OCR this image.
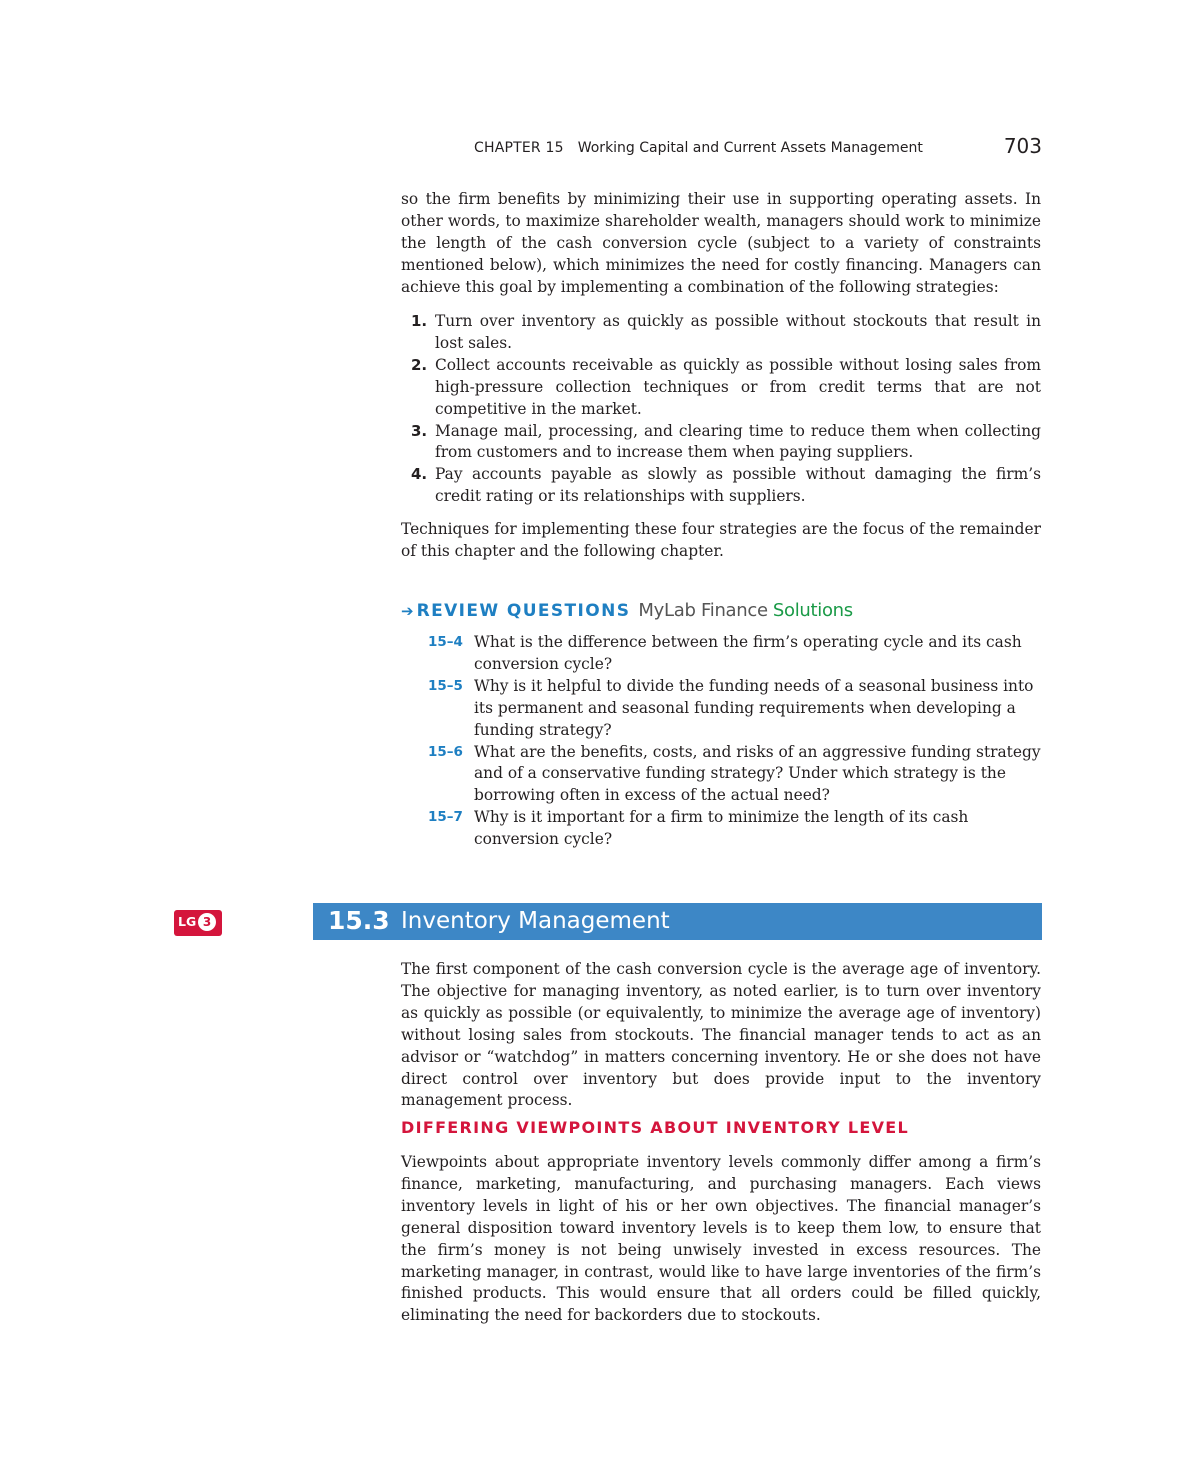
CHAPTER 15 Working Capital and Current Assets Management	703
so the firm benefits by minimizing their use in supporting operating assets. In other words, to maximize shareholder wealth, managers should work to minimize the length of the cash conversion cycle (subject to a variety of constraints mentioned below), which minimizes the need for costly financing. Managers can achieve this goal by implementing a combination of the following strategies:
1. Turn over inventory as quickly as possible without stockouts that result in lost sales.
2. Collect accounts receivable as quickly as possible without losing sales from high-pressure collection techniques or from credit terms that are not competitive in the market.
3. Manage mail, processing, and clearing time to reduce them when collecting from customers and to increase them when paying suppliers.
4. Pay accounts payable as slowly as possible without damaging the firm’s credit rating or its relationships with suppliers.
Techniques for implementing these four strategies are the focus of the remainder of this chapter and the following chapter.
➔ REVIEW QUESTIONS MyLab Finance Solutions
15–4 What is the difference between the firm’s operating cycle and its cash conversion cycle?
15–5 Why is it helpful to divide the funding needs of a seasonal business into its permanent and seasonal funding requirements when developing a funding strategy?
15–6 What are the benefits, costs, and risks of an aggressive funding strategy and of a conservative funding strategy? Under which strategy is the borrowing often in excess of the actual need?
15–7 Why is it important for a firm to minimize the length of its cash conversion cycle?
LG 3	15.3 Inventory Management
The first component of the cash conversion cycle is the average age of inventory. The objective for managing inventory, as noted earlier, is to turn over inventory as quickly as possible (or equivalently, to minimize the average age of inventory) without losing sales from stockouts. The financial manager tends to act as an advisor or “watchdog” in matters concerning inventory. He or she does not have direct control over inventory but does provide input to the inventory management process.
DIFFERING VIEWPOINTS ABOUT INVENTORY LEVEL
Viewpoints about appropriate inventory levels commonly differ among a firm’s finance, marketing, manufacturing, and purchasing managers. Each views inventory levels in light of his or her own objectives. The financial manager’s general disposition toward inventory levels is to keep them low, to ensure that the firm’s money is not being unwisely invested in excess resources. The marketing manager, in contrast, would like to have large inventories of the firm’s finished products. This would ensure that all orders could be filled quickly, eliminating the need for backorders due to stockouts.
